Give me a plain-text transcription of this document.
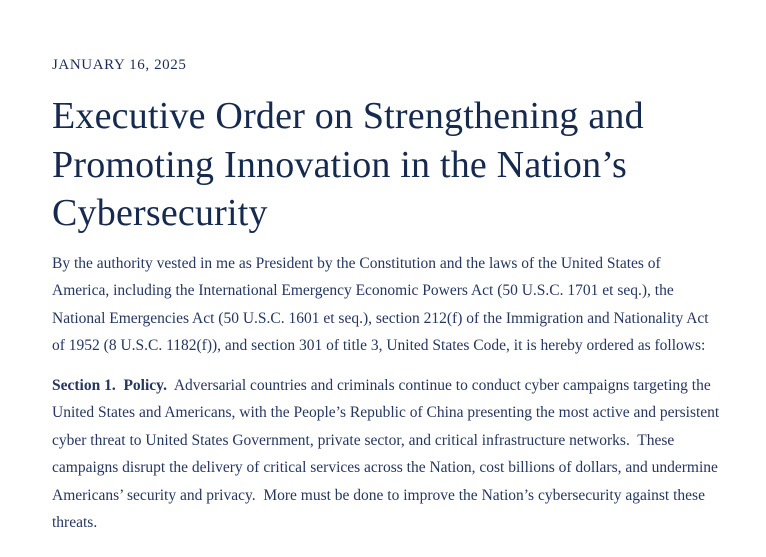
JANUARY 16, 2025
Executive Order on Strengthening and Promoting Innovation in the Nation’s Cybersecurity

By the authority vested in me as President by the Constitution and the laws of the United States of America, including the International Emergency Economic Powers Act (50 U.S.C. 1701 et seq.), the National Emergencies Act (50 U.S.C. 1601 et seq.), section 212(f) of the Immigration and Nationality Act of 1952 (8 U.S.C. 1182(f)), and section 301 of title 3, United States Code, it is hereby ordered as follows:

Section 1.  Policy.  Adversarial countries and criminals continue to conduct cyber campaigns targeting the United States and Americans, with the People’s Republic of China presenting the most active and persistent cyber threat to United States Government, private sector, and critical infrastructure networks.  These campaigns disrupt the delivery of critical services across the Nation, cost billions of dollars, and undermine Americans’ security and privacy.  More must be done to improve the Nation’s cybersecurity against these threats.
